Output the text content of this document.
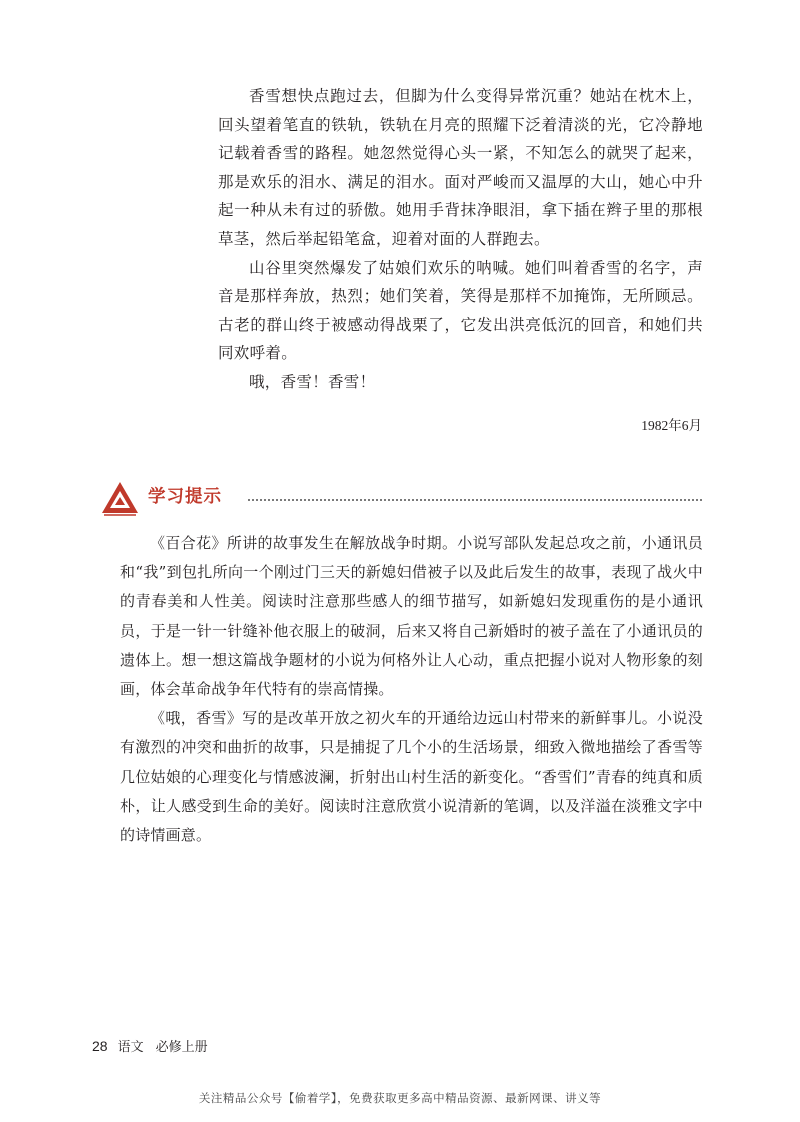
香雪想快点跑过去，但脚为什么变得异常沉重？她站在枕木上，回头望着笔直的铁轨，铁轨在月亮的照耀下泛着清淡的光，它冷静地记载着香雪的路程。她忽然觉得心头一紧，不知怎么的就哭了起来，那是欢乐的泪水、满足的泪水。面对严峻而又温厚的大山，她心中升起一种从未有过的骄傲。她用手背抹净眼泪，拿下插在辫子里的那根草茎，然后举起铅笔盒，迎着对面的人群跑去。

山谷里突然爆发了姑娘们欢乐的呐喊。她们叫着香雪的名字，声音是那样奔放，热烈；她们笑着，笑得是那样不加掩饰，无所顾忌。古老的群山终于被感动得战栗了，它发出洪亮低沉的回音，和她们共同欢呼着。

哦，香雪！香雪！

1982年6月
学习提示

《百合花》所讲的故事发生在解放战争时期。小说写部队发起总攻之前，小通讯员和“我”到包扎所向一个刚过门三天的新媳妇借被子以及此后发生的故事，表现了战火中的青春美和人性美。阅读时注意那些感人的细节描写，如新媳妇发现重伤的是小通讯员，于是一针一针缝补他衣服上的破洞，后来又将自己新婚时的被子盖在了小通讯员的遗体上。想一想这篇战争题材的小说为何格外让人心动，重点把握小说对人物形象的刻画，体会革命战争年代特有的崇高情操。

《哦，香雪》写的是改革开放之初火车的开通给边远山村带来的新鲜事儿。小说没有激烈的冲突和曲折的故事，只是捕捉了几个小的生活场景，细致入微地描绘了香雪等几位姑娘的心理变化与情感波澜，折射出山村生活的新变化。“香雪们”青春的纯真和质朴，让人感受到生命的美好。阅读时注意欣赏小说清新的笔调，以及洋溢在淡雅文字中的诗情画意。

28 语文 必修上册
关注精品公众号【偷着学】，免费获取更多高中精品资源、最新网课、讲义等
